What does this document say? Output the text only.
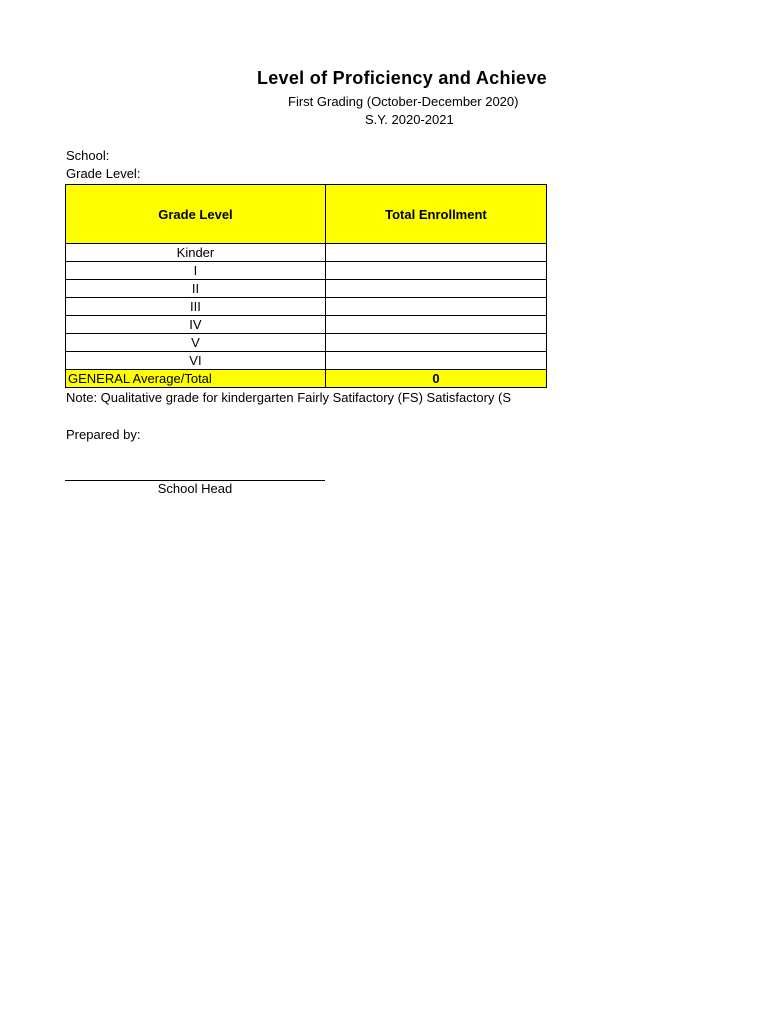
Level of Proficiency and Achieve
First Grading (October-December 2020)
S.Y. 2020-2021
School:
Grade Level:
Grade Level	Total Enrollment
Kinder	
I	
II	
III	
IV	
V	
VI	
GENERAL Average/Total	0
Note: Qualitative grade for kindergarten Fairly Satifactory (FS) Satisfactory (S
Prepared by:
School Head
